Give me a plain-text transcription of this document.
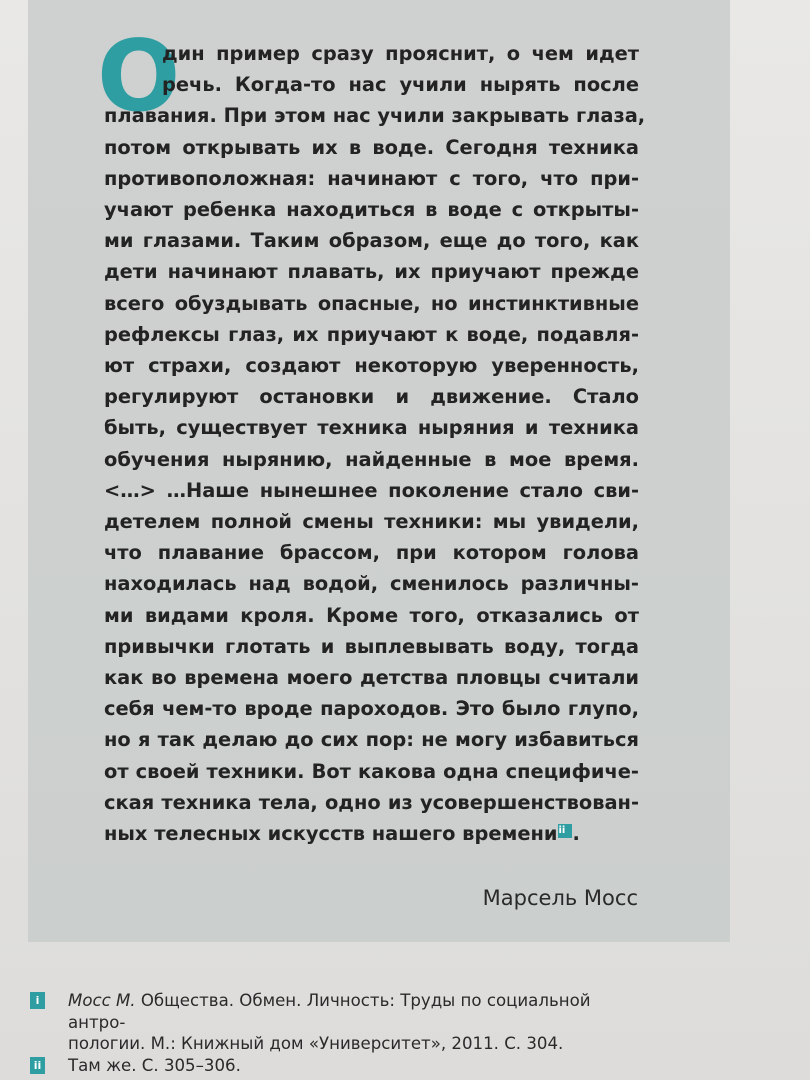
О
дин пример сразу прояснит, о чем идет
речь. Когда-то нас учили нырять после
плавания. При этом нас учили закрывать глаза,
потом открывать их в воде. Сегодня техника
противоположная: начинают с того, что при-
учают ребенка находиться в воде с открыты-
ми глазами. Таким образом, еще до того, как
дети начинают плавать, их приучают прежде
всего обуздывать опасные, но инстинктивные
рефлексы глаз, их приучают к воде, подавля-
ют страхи, создают некоторую уверенность,
регулируют остановки и движение. Стало
быть, существует техника ныряния и техника
обучения нырянию, найденные в мое время.
<…> …Наше нынешнее поколение стало сви-
детелем полной смены техники: мы увидели,
что плавание брассом, при котором голова
находилась над водой, сменилось различны-
ми видами кроля. Кроме того, отказались от
привычки глотать и выплевывать воду, тогда
как во времена моего детства пловцы считали
себя чем-то вроде пароходов. Это было глупо,
но я так делаю до сих пор: не могу избавиться
от своей техники. Вот какова одна специфиче-
ская техника тела, одно из усовершенствован-
ных телесных искусств нашего времениii .
Марсель Мосс
i	Мосс М. Общества. Обмен. Личность: Труды по социальной антро-
пологии. М.: Книжный дом «Университет», 2011. С. 304.
ii Там же. С. 305–306.
